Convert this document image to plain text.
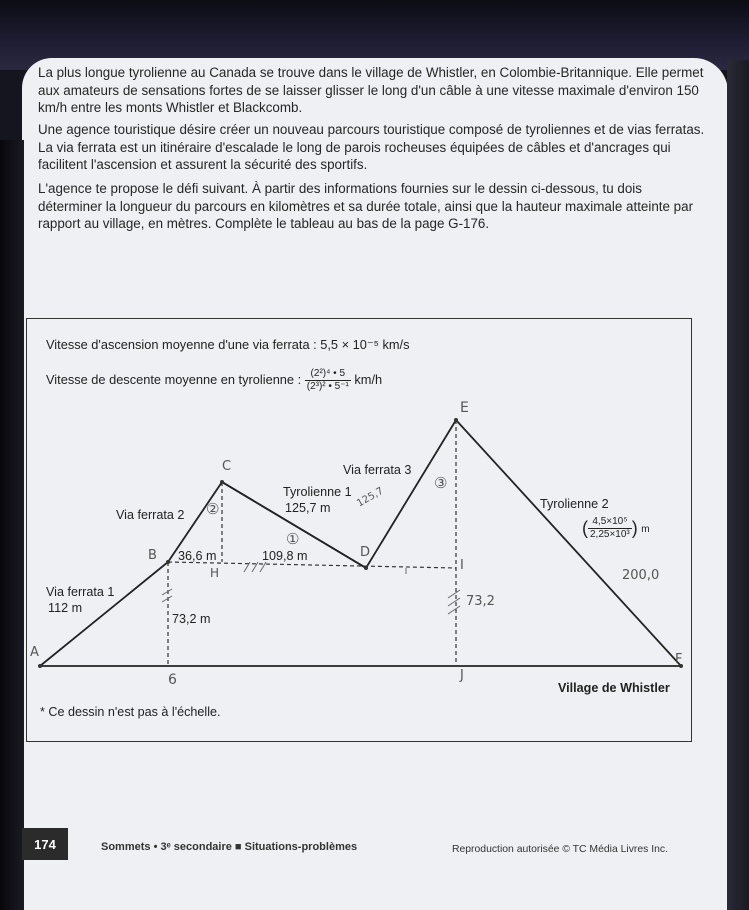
La plus longue tyrolienne au Canada se trouve dans le village de Whistler, en Colombie-Britannique. Elle permet aux amateurs de sensations fortes de se laisser glisser le long d'un câble à une vitesse maximale d'environ 150 km/h entre les monts Whistler et Blackcomb.

Une agence touristique désire créer un nouveau parcours touristique composé de tyroliennes et de vias ferratas. La via ferrata est un itinéraire d'escalade le long de parois rocheuses équipées de câbles et d'ancrages qui facilitent l'ascension et assurent la sécurité des sportifs.

L'agence te propose le défi suivant. À partir des informations fournies sur le dessin ci-dessous, tu dois déterminer la longueur du parcours en kilomètres et sa durée totale, ainsi que la hauteur maximale atteinte par rapport au village, en mètres. Complète le tableau au bas de la page G-176.

Vitesse d'ascension moyenne d'une via ferrata : 5,5 × 10⁻⁵ km/s
Vitesse de descente moyenne en tyrolienne : $\frac{\text{(2²)⁴ • 5}}{\text{(2³)² • 5⁻¹}} km/h$
Via ferrata 1
112 m
Via ferrata 2
Via ferrata 3
Tyrolienne 1
125,7 m	Tyrolienne 2
( $\frac{\text{4,5×10⁵}}{\text{2,25×10³}}$ ) m
36,6 m
73,2 m
109,8 m
Village de Whistler
* Ce dessin n'est pas à l'échelle.
A
B
C
D
E
F
6
H	I
J
①
②
③
200,0
73,2
125,7
174	Sommets • 3ᵉ secondaire ■ Situations-problèmes	Reproduction autorisée © TC Média Livres Inc.
